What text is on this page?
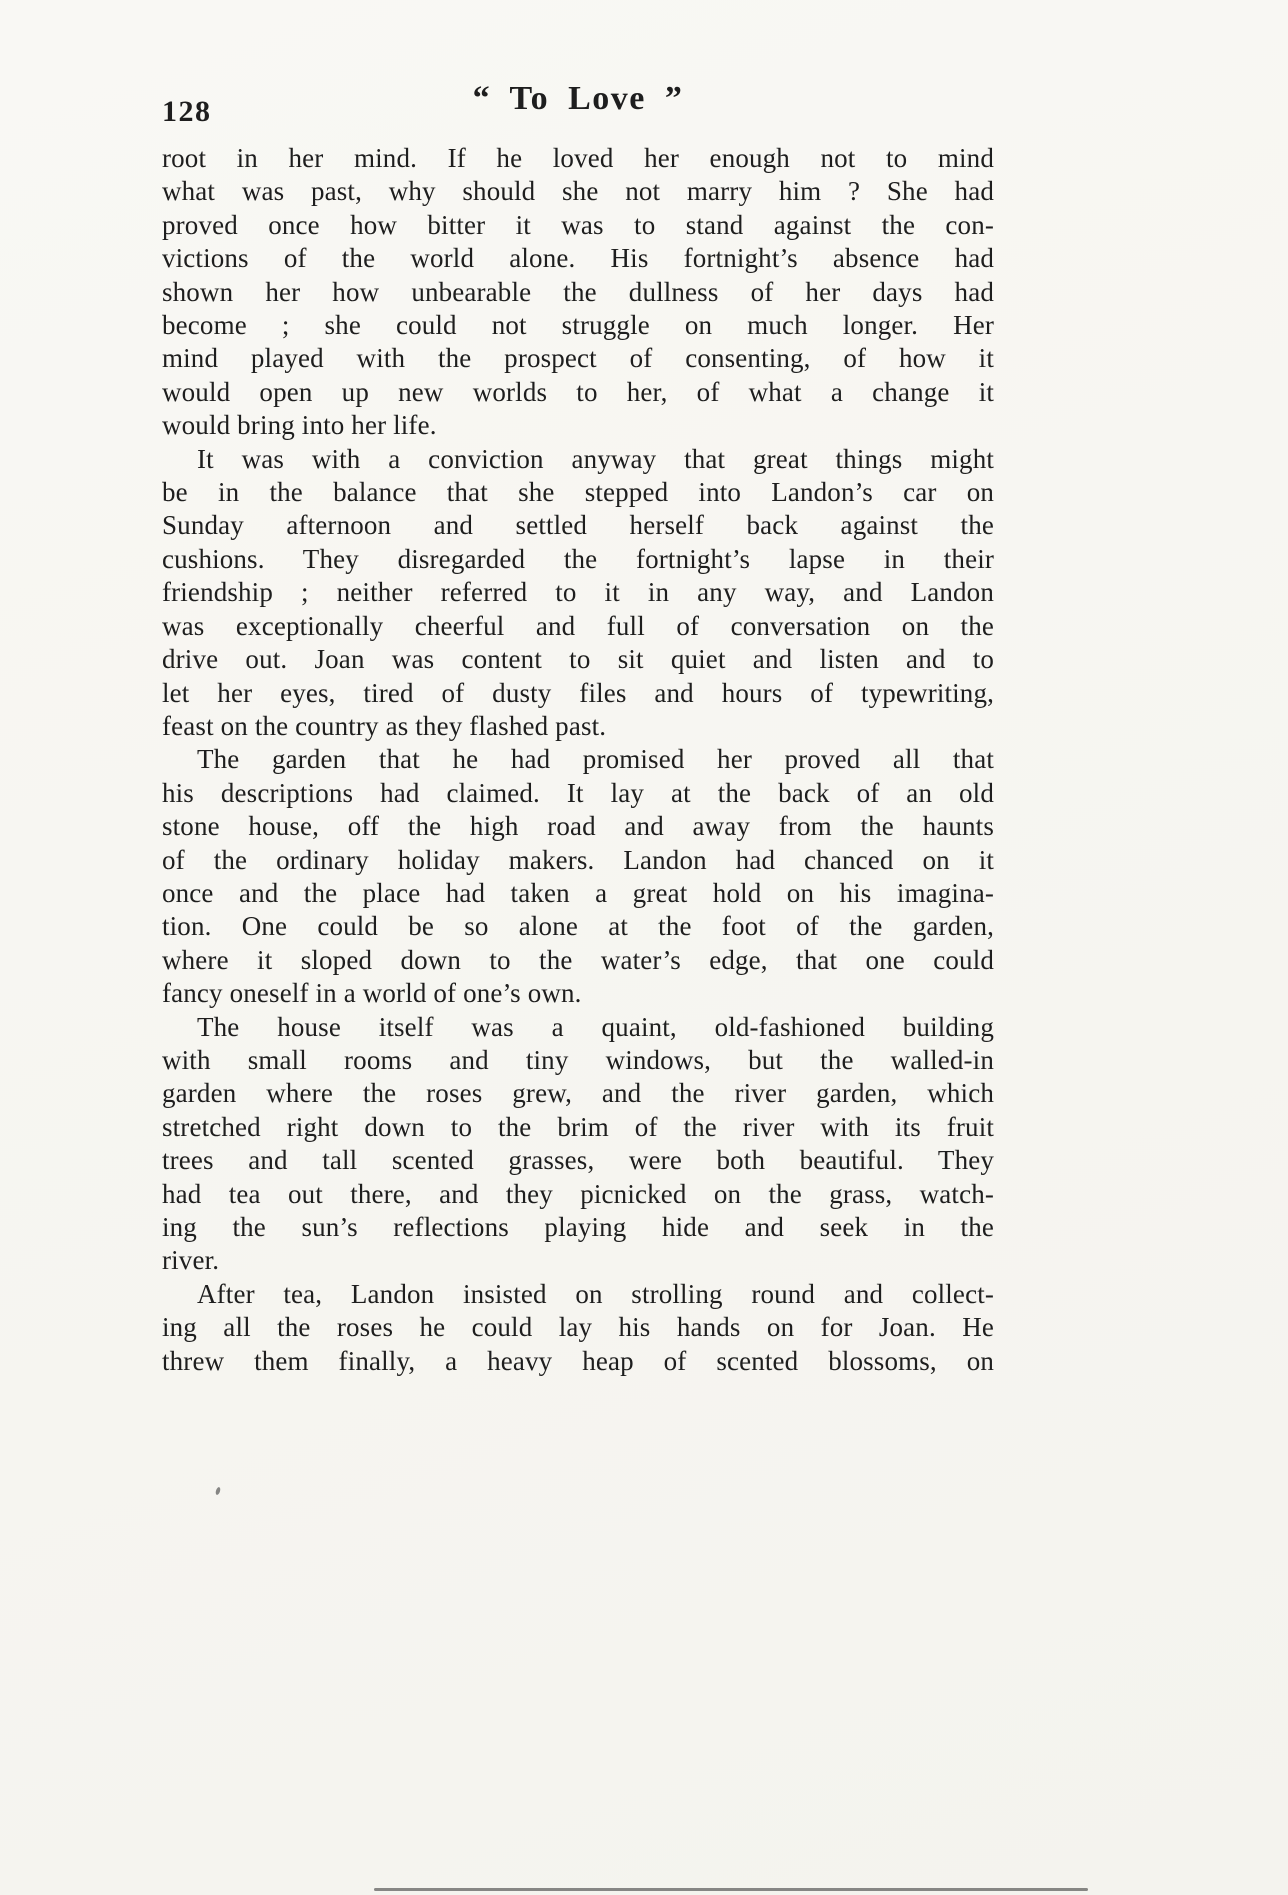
128	“ To Love ”
root in her mind. If he loved her enough not to mind
what was past, why should she not marry him ? She had
proved once how bitter it was to stand against the con-
victions of the world alone. His fortnight’s absence had
shown her how unbearable the dullness of her days had
become ; she could not struggle on much longer. Her
mind played with the prospect of consenting, of how it
would open up new worlds to her, of what a change it
would bring into her life.
It was with a conviction anyway that great things might
be in the balance that she stepped into Landon’s car on
Sunday afternoon and settled herself back against the
cushions. They disregarded the fortnight’s lapse in their
friendship ; neither referred to it in any way, and Landon
was exceptionally cheerful and full of conversation on the
drive out. Joan was content to sit quiet and listen and to
let her eyes, tired of dusty files and hours of typewriting,
feast on the country as they flashed past.
The garden that he had promised her proved all that
his descriptions had claimed. It lay at the back of an old
stone house, off the high road and away from the haunts
of the ordinary holiday makers. Landon had chanced on it
once and the place had taken a great hold on his imagina-
tion. One could be so alone at the foot of the garden,
where it sloped down to the water’s edge, that one could
fancy oneself in a world of one’s own.
The house itself was a quaint, old-fashioned building
with small rooms and tiny windows, but the walled-in
garden where the roses grew, and the river garden, which
stretched right down to the brim of the river with its fruit
trees and tall scented grasses, were both beautiful. They
had tea out there, and they picnicked on the grass, watch-
ing the sun’s reflections playing hide and seek in the
river.
After tea, Landon insisted on strolling round and collect-
ing all the roses he could lay his hands on for Joan. He
threw them finally, a heavy heap of scented blossoms, on
